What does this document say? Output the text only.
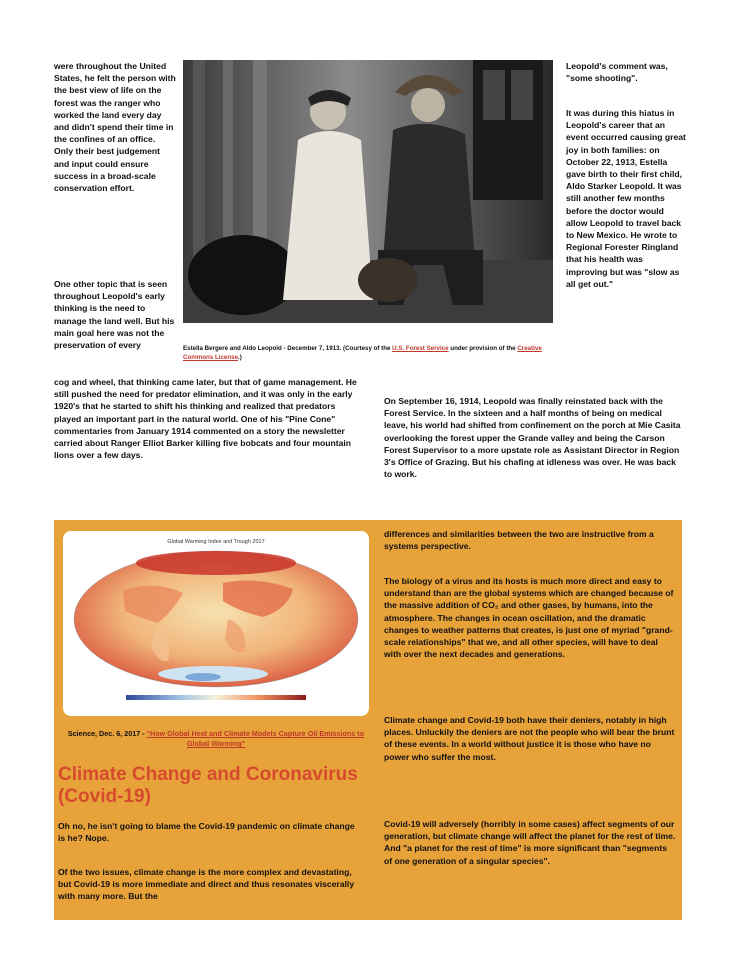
were throughout the United States, he felt the person with the best view of life on the forest was the ranger who worked the land every day and didn't spend their time in the confines of an office. Only their best judgement and input could ensure success in a broad-scale conservation effort.

One other topic that is seen throughout Leopold's early thinking is the need to manage the land well. But his main goal here was not the preservation of every	Estella Bergere and Aldo Leopold - December 7, 1913. (Courtesy of the U.S. Forest Service under provision of the Creative Commons License.)

Leopold's comment was, "some shooting".

It was during this hiatus in Leopold's career that an event occurred causing great joy in both families: on October 22, 1913, Estella gave birth to their first child, Aldo Starker Leopold. It was still another few months before the doctor would allow Leopold to travel back to New Mexico. He wrote to Regional Forester Ringland that his health was improving but was "slow as all get out."

cog and wheel, that thinking came later, but that of game management. He still pushed the need for predator elimination, and it was only in the early 1920's that he started to shift his thinking and realized that predators played an important part in the natural world. One of his "Pine Cone" commentaries from January 1914 commented on a story the newsletter carried about Ranger Elliot Barker killing five bobcats and four mountain lions over a few days.

On September 16, 1914, Leopold was finally reinstated back with the Forest Service. In the sixteen and a half months of being on medical leave, his world had shifted from confinement on the porch at Mie Casita overlooking the forest upper the Grande valley and being the Carson Forest Supervisor to a more upstate role as Assistant Director in Region 3's Office of Grazing. But his chafing at idleness was over. He was back to work.

Global Warming Index and Trough 2017

Science, Dec. 6, 2017 - "How Global Heat and Climate Models Capture Oil Emissions to Global Warming"

Climate Change and Coronavirus (Covid-19)

Oh no, he isn't going to blame the Covid-19 pandemic on climate change is he? Nope.

Of the two issues, climate change is the more complex and devastating, but Covid-19 is more immediate and direct and thus resonates viscerally with many more. But the

differences and similarities between the two are instructive from a systems perspective.

The biology of a virus and its hosts is much more direct and easy to understand than are the global systems which are changed because of the massive addition of CO₂ and other gases, by humans, into the atmosphere. The changes in ocean oscillation, and the dramatic changes to weather patterns that creates, is just one of myriad "grand-scale relationships" that we, and all other species, will have to deal with over the next decades and generations.

Climate change and Covid-19 both have their deniers, notably in high places. Unluckily the deniers are not the people who will bear the brunt of these events. In a world without justice it is those who have no power who suffer the most.

Covid-19 will adversely (horribly in some cases) affect segments of our generation, but climate change will affect the planet for the rest of time. And "a planet for the rest of time" is more significant than "segments of one generation of a singular species".
